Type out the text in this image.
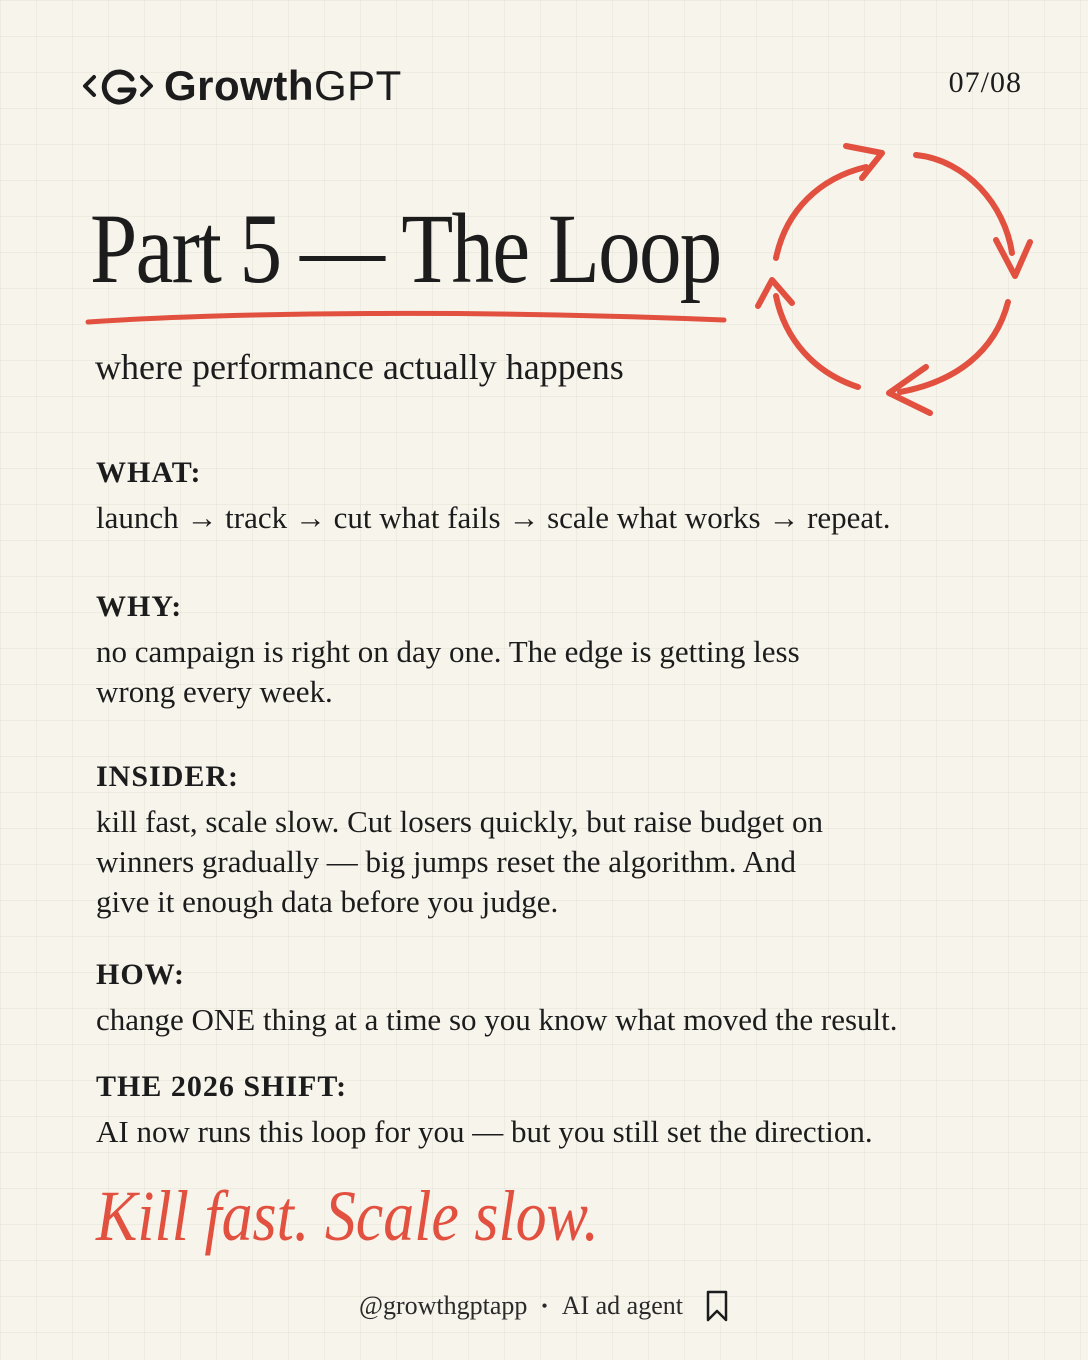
GrowthGPT	07/08
Part 5 — The Loop
where performance actually happens
WHAT:
launch → track → cut what fails → scale what works → repeat.
WHY:
no campaign is right on day one. The edge is getting less wrong every week.
INSIDER:
kill fast, scale slow. Cut losers quickly, but raise budget on winners gradually — big jumps reset the algorithm. And give it enough data before you judge.
HOW:
change ONE thing at a time so you know what moved the result.
THE 2026 SHIFT:
AI now runs this loop for you — but you still set the direction.
Kill fast. Scale slow.
@growthgptapp • AI ad agent
